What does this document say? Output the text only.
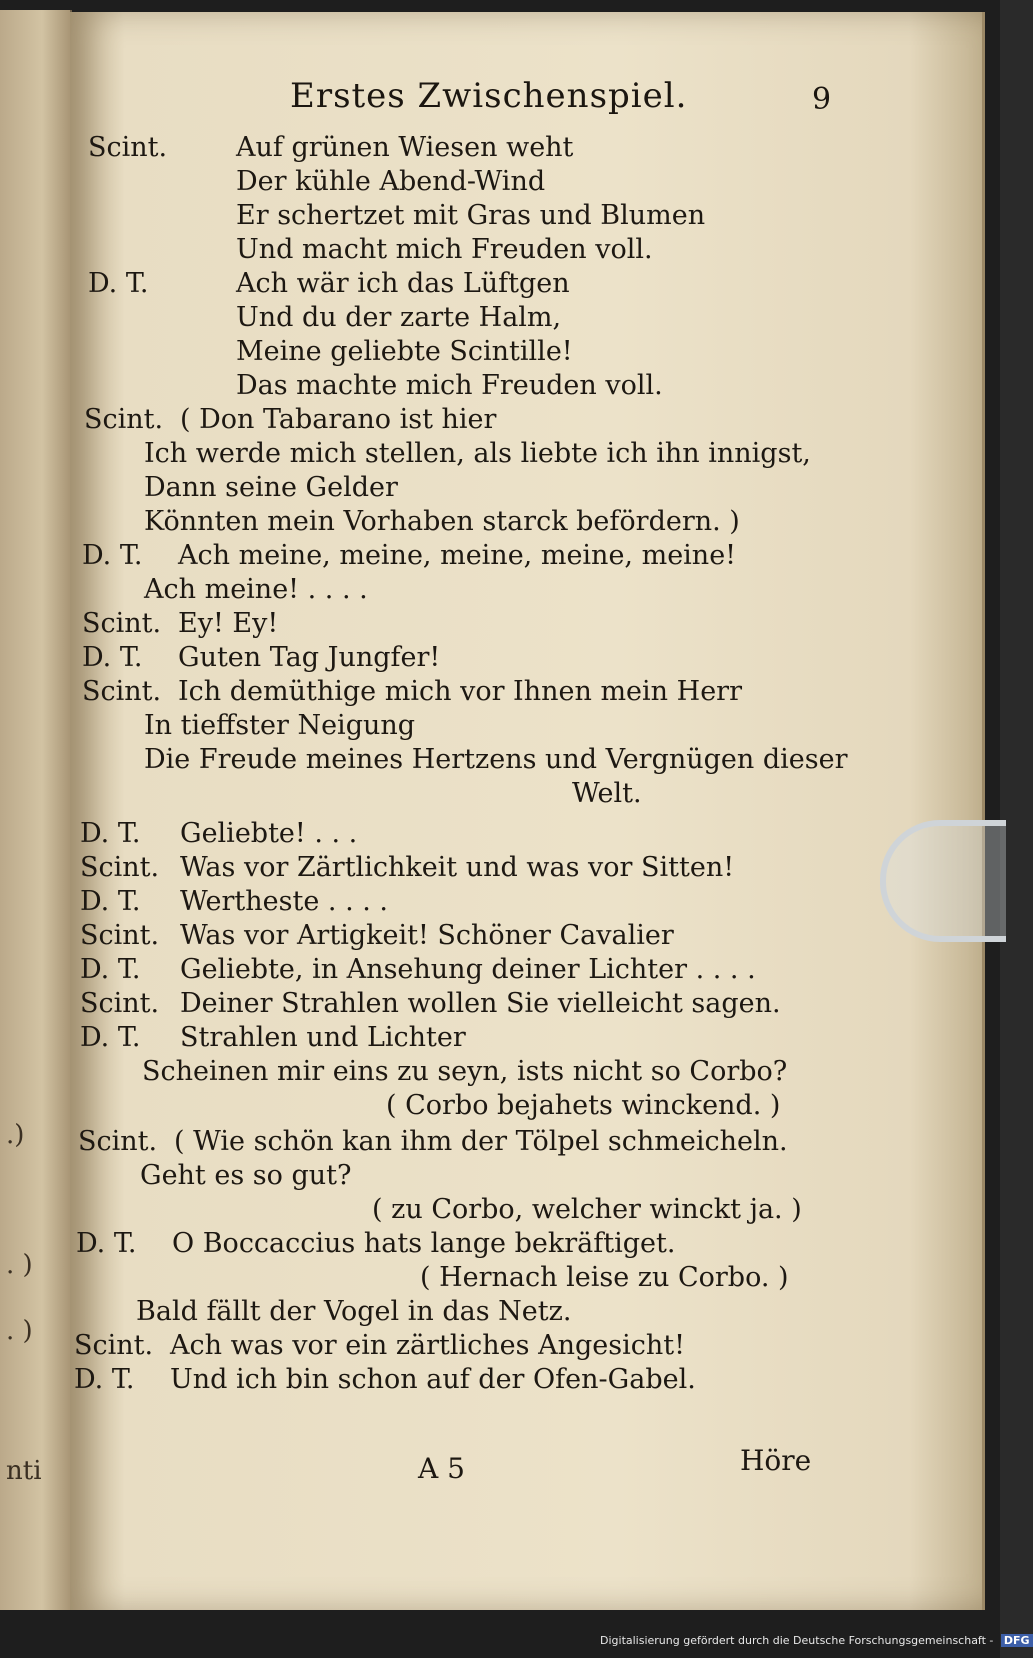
.)
. )
. )
nti
Erstes Zwischenspiel.	9
Scint.	Auf grünen Wiesen weht
Der kühle Abend-Wind
Er schertzet mit Gras und Blumen
Und macht mich Freuden voll.
D. T.	Ach wär ich das Lüftgen
Und du der zarte Halm,
Meine geliebte Scintille!
Das machte mich Freuden voll.
Scint. ( Don Tabarano ist hier
Ich werde mich stellen, als liebte ich ihn innigst,
Dann seine Gelder
Könnten mein Vorhaben starck befördern. )
D. T. Ach meine, meine, meine, meine, meine!
Ach meine! . . . .
Scint. Ey! Ey!
D. T. Guten Tag Jungfer!
Scint. Ich demüthige mich vor Ihnen mein Herr
In tieffster Neigung
Die Freude meines Hertzens und Vergnügen dieser
Welt.
D. T. Geliebte! . . .
Scint. Was vor Zärtlichkeit und was vor Sitten!
D. T. Wertheste . . . .
Scint. Was vor Artigkeit! Schöner Cavalier
D. T. Geliebte, in Ansehung deiner Lichter . . . .
Scint. Deiner Strahlen wollen Sie vielleicht sagen.
D. T. Strahlen und Lichter
Scheinen mir eins zu seyn, ists nicht so Corbo?
( Corbo bejahets winckend. )
Scint. ( Wie schön kan ihm der Tölpel schmeicheln.
Geht es so gut?
( zu Corbo, welcher winckt ja. )
D. T. O Boccaccius hats lange bekräftiget.
( Hernach leise zu Corbo. )
Bald fällt der Vogel in das Netz.
Scint. Ach was vor ein zärtliches Angesicht!
D. T. Und ich bin schon auf der Ofen-Gabel.
A 5	Höre
Digitalisierung gefördert durch die Deutsche Forschungsgemeinschaft - DFG
